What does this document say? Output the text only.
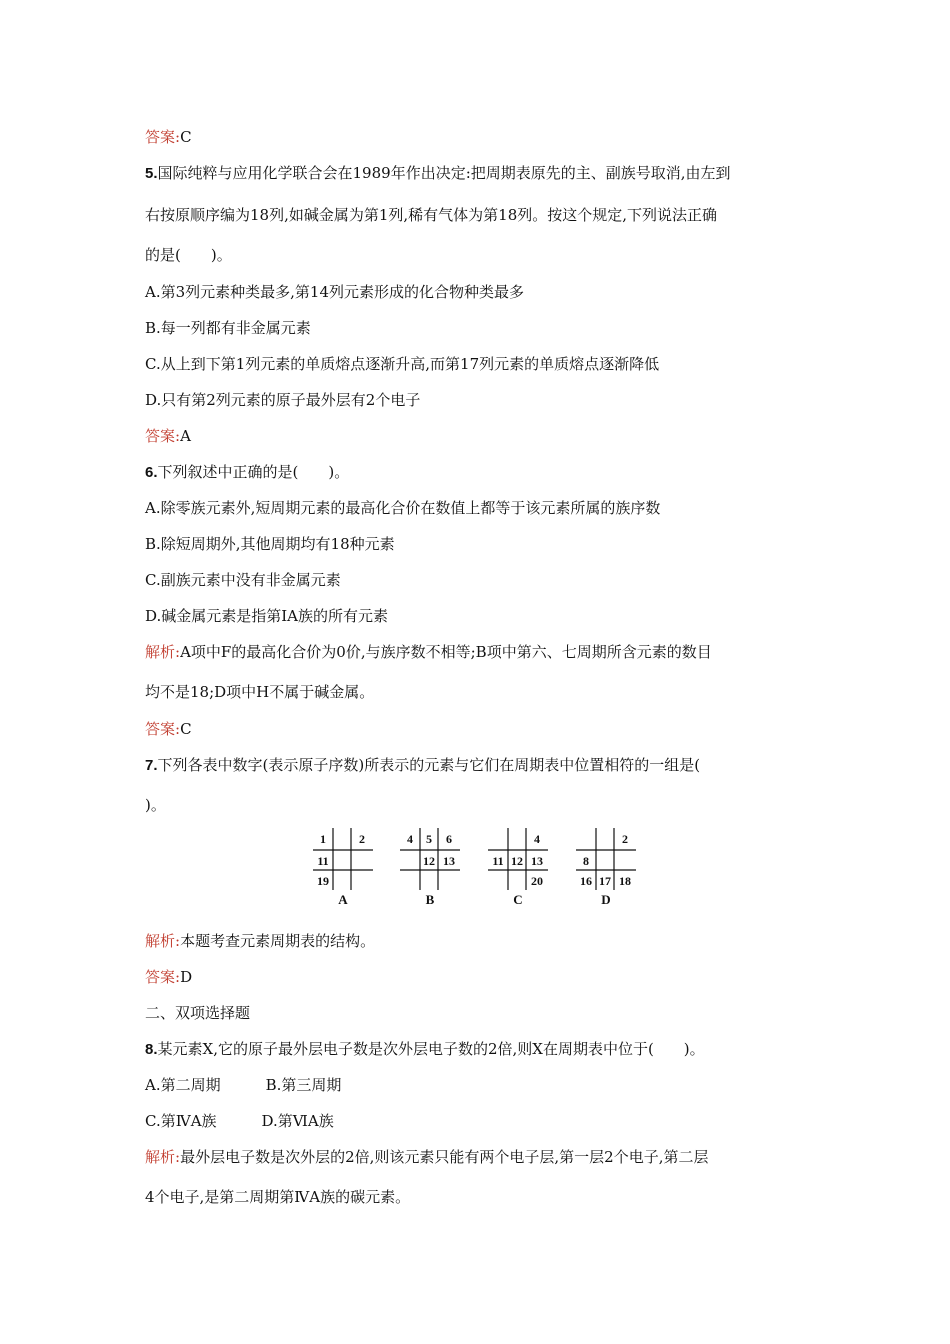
答案:C
5.国际纯粹与应用化学联合会在1989年作出决定:把周期表原先的主、副族号取消,由左到
右按原顺序编为18列,如碱金属为第1列,稀有气体为第18列。按这个规定,下列说法正确
的是(　　)。
A.第3列元素种类最多,第14列元素形成的化合物种类最多
B.每一列都有非金属元素
C.从上到下第1列元素的单质熔点逐渐升高,而第17列元素的单质熔点逐渐降低
D.只有第2列元素的原子最外层有2个电子
答案:A
6.下列叙述中正确的是(　　)。
A.除零族元素外,短周期元素的最高化合价在数值上都等于该元素所属的族序数
B.除短周期外,其他周期均有18种元素
C.副族元素中没有非金属元素
D.碱金属元素是指第ⅠA族的所有元素
解析:A项中F的最高化合价为0价,与族序数不相等;B项中第六、七周期所含元素的数目
均不是18;D项中H不属于碱金属。
答案:C
7.下列各表中数字(表示原子序数)所表示的元素与它们在周期表中位置相符的一组是(
)。
解析:本题考查元素周期表的结构。
答案:D
二、双项选择题
8.某元素X,它的原子最外层电子数是次外层电子数的2倍,则X在周期表中位于(　　)。
A.第二周期　　　B.第三周期
C.第ⅣA族　　　D.第ⅥA族
解析:最外层电子数是次外层的2倍,则该元素只能有两个电子层,第一层2个电子,第二层
4个电子,是第二周期第ⅣA族的碳元素。
1	2
11
19
A
4 5 6
12 13
B
4
11 12 13
20
C
2
8
16 17 18
D
